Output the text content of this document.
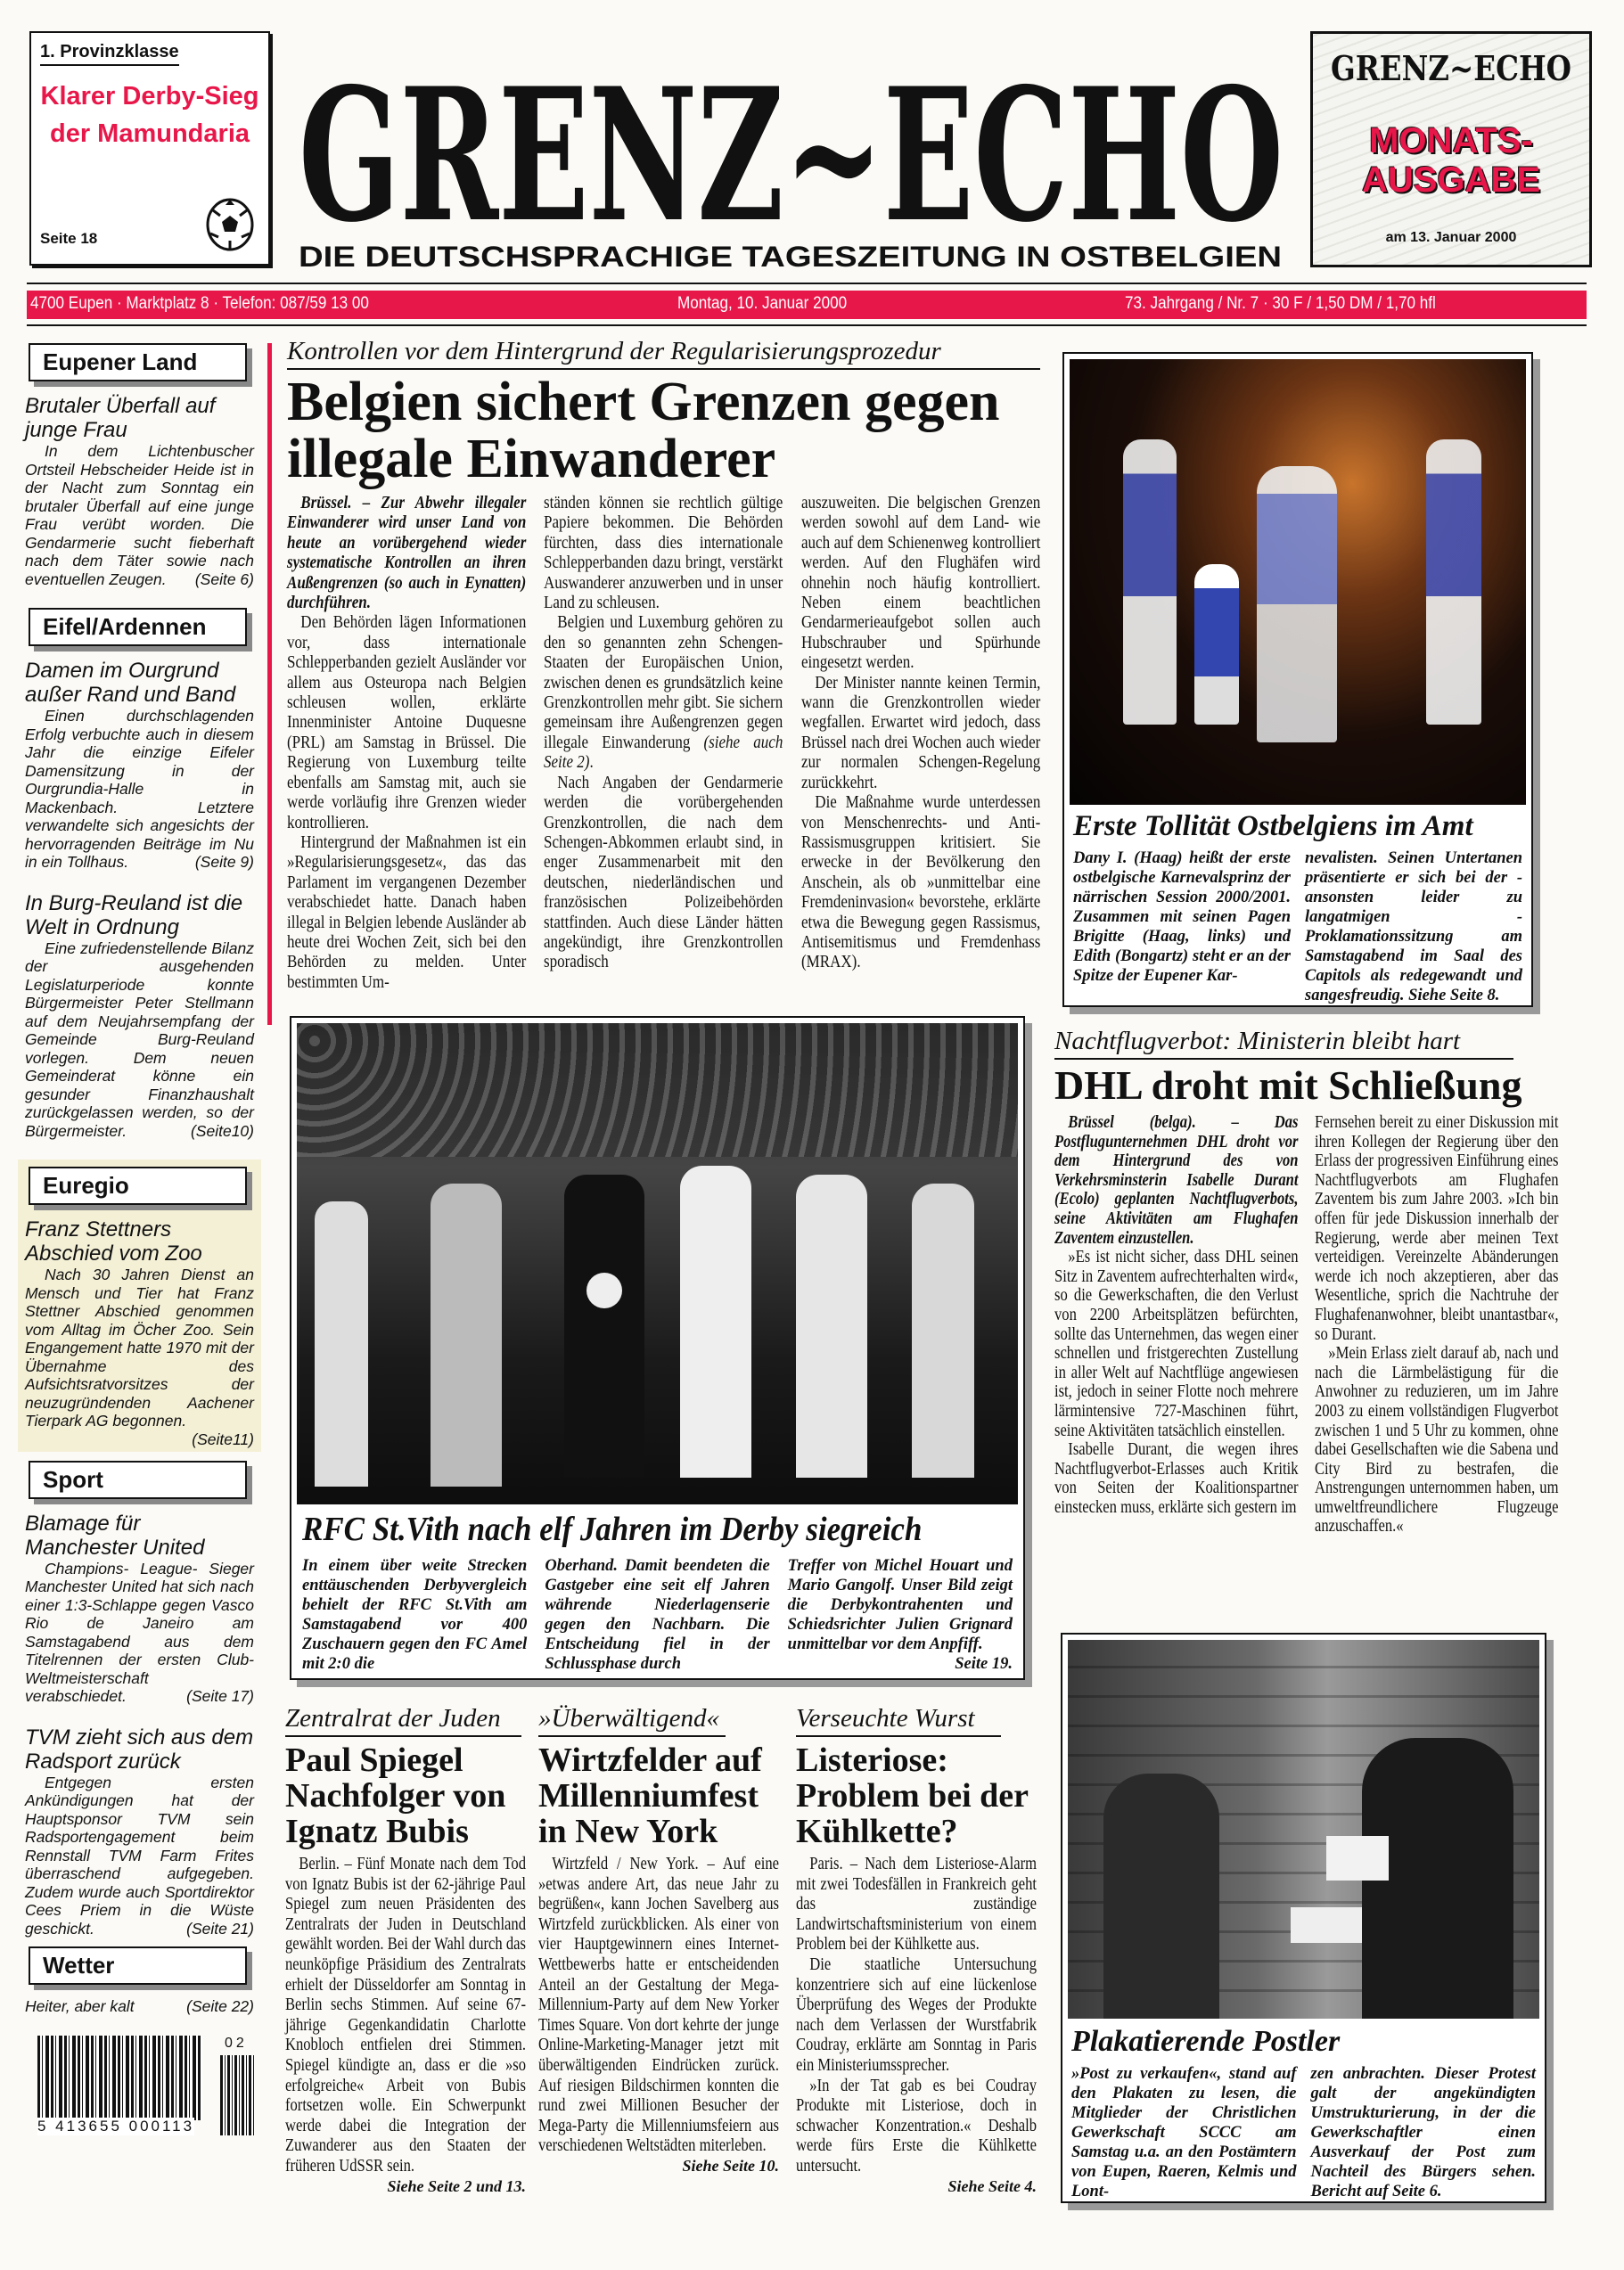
1. Provinzklasse
Klarer Derby-Sieg der Mamundaria
Seite 18 GRENZ~ECHO
DIE DEUTSCHSPRACHIGE TAGESZEITUNG IN OSTBELGIEN
GRENZ~ECHO
MONATS-AUSGABE
am 13. Januar 2000
4700 Eupen · Marktplatz 8 · Telefon: 087/59 13 00	Montag, 10. Januar 2000	73. Jahrgang / Nr. 7 · 30 F / 1,50 DM / 1,70 hfl
Eupener Land
Brutaler Überfall auf junge Frau
In dem Lichtenbuscher Ortsteil Hebscheider Heide ist in der Nacht zum Sonntag ein brutaler Überfall auf eine junge Frau verübt worden. Die Gendarmerie sucht fieberhaft nach dem Täter sowie nach eventuellen Zeugen.	(Seite 6)
Eifel/Ardennen
Damen im Ourgrund außer Rand und Band
Einen durchschlagenden Erfolg verbuchte auch in diesem Jahr die einzige Eifeler Damensitzung in der Ourgrundia-Halle in Mackenbach. Letztere verwandelte sich angesichts der hervorragenden Beiträge im Nu in ein Tollhaus.	(Seite 9)
In Burg-Reuland ist die Welt in Ordnung
Eine zufriedenstellende Bilanz der ausgehenden Legislaturperiode konnte Bürgermeister Peter Stellmann auf dem Neujahrsempfang der Gemeinde Burg-Reuland vorlegen. Dem neuen Gemeinderat könne ein gesunder Finanzhaushalt zurückgelassen werden, so der Bürgermeister.	(Seite10)
Euregio
Franz Stettners Abschied vom Zoo
Nach 30 Jahren Dienst an Mensch und Tier hat Franz Stettner Abschied genommen vom Alltag im Öcher Zoo. Sein Engangement hatte 1970 mit der Übernahme des Aufsichtsratvorsitzes der neuzugründenden Aachener Tierpark AG begonnen.
(Seite11)
Sport
Blamage für Manchester United
Champions- League- Sieger Manchester United hat sich nach einer 1:3-Schlappe gegen Vasco Rio de Janeiro am Samstagabend aus dem Titelrennen der ersten Club-Weltmeisterschaft verabschiedet.	(Seite 17)
TVM zieht sich aus dem Radsport zurück
Entgegen ersten Ankündigungen hat der Hauptsponsor TVM sein Radsportengagement beim Rennstall TVM Farm Frites überraschend aufgegeben. Zudem wurde auch Sportdirektor Cees Priem in die Wüste geschickt.	(Seite 21)
Wetter
Heiter, aber kalt	(Seite 22)
02
5 413655 000113
Kontrollen vor dem Hintergrund der Regularisierungsprozedur
Belgien sichert Grenzen gegen illegale Einwanderer

Brüssel. – Zur Abwehr illegaler Einwanderer wird unser Land von heute an vorübergehend wieder systematische Kontrollen an ihren Außengrenzen (so auch in Eynatten) durchführen.

Den Behörden lägen Informationen vor, dass internationale Schlepperbanden gezielt Ausländer vor allem aus Osteuropa nach Belgien schleusen wollen, erklärte Innenminister Antoine Duquesne (PRL) am Samstag in Brüssel. Die Regierung von Luxemburg teilte ebenfalls am Samstag mit, auch sie werde vorläufig ihre Grenzen wieder kontrollieren.

Hintergrund der Maßnahmen ist ein »Regularisierungsgesetz«, das das Parlament im vergangenen Dezember verabschiedet hatte. Danach haben illegal in Belgien lebende Ausländer ab heute drei Wochen Zeit, sich bei den Behörden zu melden. Unter bestimmten Um-

ständen können sie rechtlich gültige Papiere bekommen. Die Behörden fürchten, dass dies internationale Schlepperbanden dazu bringt, verstärkt Auswanderer anzuwerben und in unser Land zu schleusen.

Belgien und Luxemburg gehören zu den so genannten zehn Schengen-Staaten der Europäischen Union, zwischen denen es grundsätzlich keine Grenzkontrollen mehr gibt. Sie sichern gemeinsam ihre Außengrenzen gegen illegale Einwanderung (siehe auch Seite 2).

Nach Angaben der Gendarmerie werden die vorübergehenden Grenzkontrollen, die nach dem Schengen-Abkommen erlaubt sind, in enger Zusammenarbeit mit den deutschen, niederländischen und französischen Polizeibehörden stattfinden. Auch diese Länder hätten angekündigt, ihre Grenzkontrollen sporadisch

auszuweiten. Die belgischen Grenzen werden sowohl auf dem Land- wie auch auf dem Schienenweg kontrolliert werden. Auf den Flughäfen wird ohnehin noch häufig kontrolliert. Neben einem beachtlichen Gendarmerieaufgebot sollen auch Hubschrauber und Spürhunde eingesetzt werden.

Der Minister nannte keinen Termin, wann die Grenzkontrollen wieder wegfallen. Erwartet wird jedoch, dass Brüssel nach drei Wochen auch wieder zur normalen Schengen-Regelung zurückkehrt.

Die Maßnahme wurde unterdessen von Menschenrechts- und Anti-Rassismusgruppen kritisiert. Sie erwecke in der Bevölkerung den Anschein, als ob »unmittelbar eine Fremdeninvasion« bevorstehe, erklärte etwa die Bewegung gegen Rassismus, Antisemitismus und Fremdenhass (MRAX).

Erste Tollität Ostbelgiens im Amt
Dany I. (Haag) heißt der erste ostbelgische Karnevalsprinz der närrischen Session 2000/2001. Zusammen mit seinen Pagen Brigitte (Haag, links) und Edith (Bongartz) steht er an der Spitze der Eupener Kar-
nevalisten. Seinen Untertanen präsentierte er sich bei der - ansonsten leider zu langatmigen - Proklamationssitzung am Samstagabend im Saal des Capitols als redegewandt und sangesfreudig. Siehe Seite 8.
RFC St.Vith nach elf Jahren im Derby siegreich
In einem über weite Strecken enttäuschenden Derbyvergleich behielt der RFC St.Vith am Samstagabend vor 400 Zuschauern gegen den FC Amel mit 2:0 die
Oberhand. Damit beendeten die Gastgeber eine seit elf Jahren währende Niederlagenserie gegen den Nachbarn. Die Entscheidung fiel in der Schlussphase durch
Treffer von Michel Houart und Mario Gangolf. Unser Bild zeigt die Derbykontrahenten und Schiedsrichter Julien Grignard unmittelbar vor dem Anpfiff.
Seite 19.
Nachtflugverbot: Ministerin bleibt hart
DHL droht mit Schließung

Brüssel (belga). – Das Postflugunternehmen DHL droht vor dem Hintergrund des von Verkehrsminsterin Isabelle Durant (Ecolo) geplanten Nachtflugverbots, seine Aktivitäten am Flughafen Zaventem einzustellen.

»Es ist nicht sicher, dass DHL seinen Sitz in Zaventem aufrechterhalten wird«, so die Gewerkschaften, die den Verlust von 2200 Arbeitsplätzen befürchten, sollte das Unternehmen, das wegen einer schnellen und fristgerechten Zustellung in aller Welt auf Nachtflüge angewiesen ist, jedoch in seiner Flotte noch mehrere lärmintensive 727-Maschinen führt, seine Aktivitäten tatsächlich einstellen.

Isabelle Durant, die wegen ihres Nachtflugverbot-Erlasses auch Kritik von Seiten der Koalitionspartner einstecken muss, erklärte sich gestern im

Fernsehen bereit zu einer Diskussion mit ihren Kollegen der Regierung über den Erlass der progressiven Einführung eines Nachtflugverbots am Flughafen Zaventem bis zum Jahre 2003. »Ich bin offen für jede Diskussion innerhalb der Regierung, werde aber meinen Text verteidigen. Vereinzelte Abänderungen werde ich noch akzeptieren, aber das Wesentliche, sprich die Nachtruhe der Flughafenanwohner, bleibt unantastbar«, so Durant.

»Mein Erlass zielt darauf ab, nach und nach die Lärmbelästigung für die Anwohner zu reduzieren, um im Jahre 2003 zu einem vollständigen Flugverbot zwischen 1 und 5 Uhr zu kommen, ohne dabei Gesellschaften wie die Sabena und City Bird zu bestrafen, die Anstrengungen unternommen haben, um umweltfreundlichere Flugzeuge anzuschaffen.«

Zentralrat der Juden
Paul Spiegel Nachfolger von Ignatz Bubis

Berlin. – Fünf Monate nach dem Tod von Ignatz Bubis ist der 62-jährige Paul Spiegel zum neuen Präsidenten des Zentralrats der Juden in Deutschland gewählt worden. Bei der Wahl durch das neunköpfige Präsidium des Zentralrats erhielt der Düsseldorfer am Sonntag in Berlin sechs Stimmen. Auf seine 67-jährige Gegenkandidatin Charlotte Knobloch entfielen drei Stimmen. Spiegel kündigte an, dass er die »so erfolgreiche« Arbeit von Bubis fortsetzen wolle. Ein Schwerpunkt werde dabei die Integration der Zuwanderer aus den Staaten der früheren UdSSR sein.

Siehe Seite 2 und 13.
»Überwältigend«
Wirtzfelder auf Millenniumfest in New York

Wirtzfeld / New York. – Auf eine »etwas andere Art, das neue Jahr zu begrüßen«, kann Jochen Savelberg aus Wirtzfeld zurückblicken. Als einer von vier Hauptgewinnern eines Internet-Wettbewerbs hatte er entscheidenden Anteil an der Gestaltung der Mega-Millennium-Party auf dem New Yorker Times Square. Von dort kehrte der junge Online-Marketing-Manager jetzt mit überwältigenden Eindrücken zurück. Auf riesigen Bildschirmen konnten die rund zwei Millionen Besucher der Mega-Party die Millenniumsfeiern aus verschiedenen Weltstädten miterleben.

Siehe Seite 10.
Verseuchte Wurst
Listeriose: Problem bei der Kühlkette?

Paris. – Nach dem Listeriose-Alarm mit zwei Todesfällen in Frankreich geht das zuständige Landwirtschaftsministerium von einem Problem bei der Kühlkette aus.

Die staatliche Untersuchung konzentriere sich auf eine lückenlose Überprüfung des Weges der Produkte nach dem Verlassen der Wurstfabrik Coudray, erklärte am Sonntag in Paris ein Ministeriumssprecher.

»In der Tat gab es bei Coudray Produkte mit Listeriose, doch in schwacher Konzentration.« Deshalb werde fürs Erste die Kühlkette untersucht.

Siehe Seite 4.
Plakatierende Postler
»Post zu verkaufen«, stand auf den Plakaten zu lesen, die Mitglieder der Christlichen Gewerkschaft SCCC am Samstag u.a. an den Postämtern von Eupen, Raeren, Kelmis und Lont-
zen anbrachten. Dieser Protest galt der angekündigten Umstrukturierung, in der die Gewerkschaftler einen Ausverkauf der Post zum Nachteil des Bürgers sehen. Bericht auf Seite 6.
